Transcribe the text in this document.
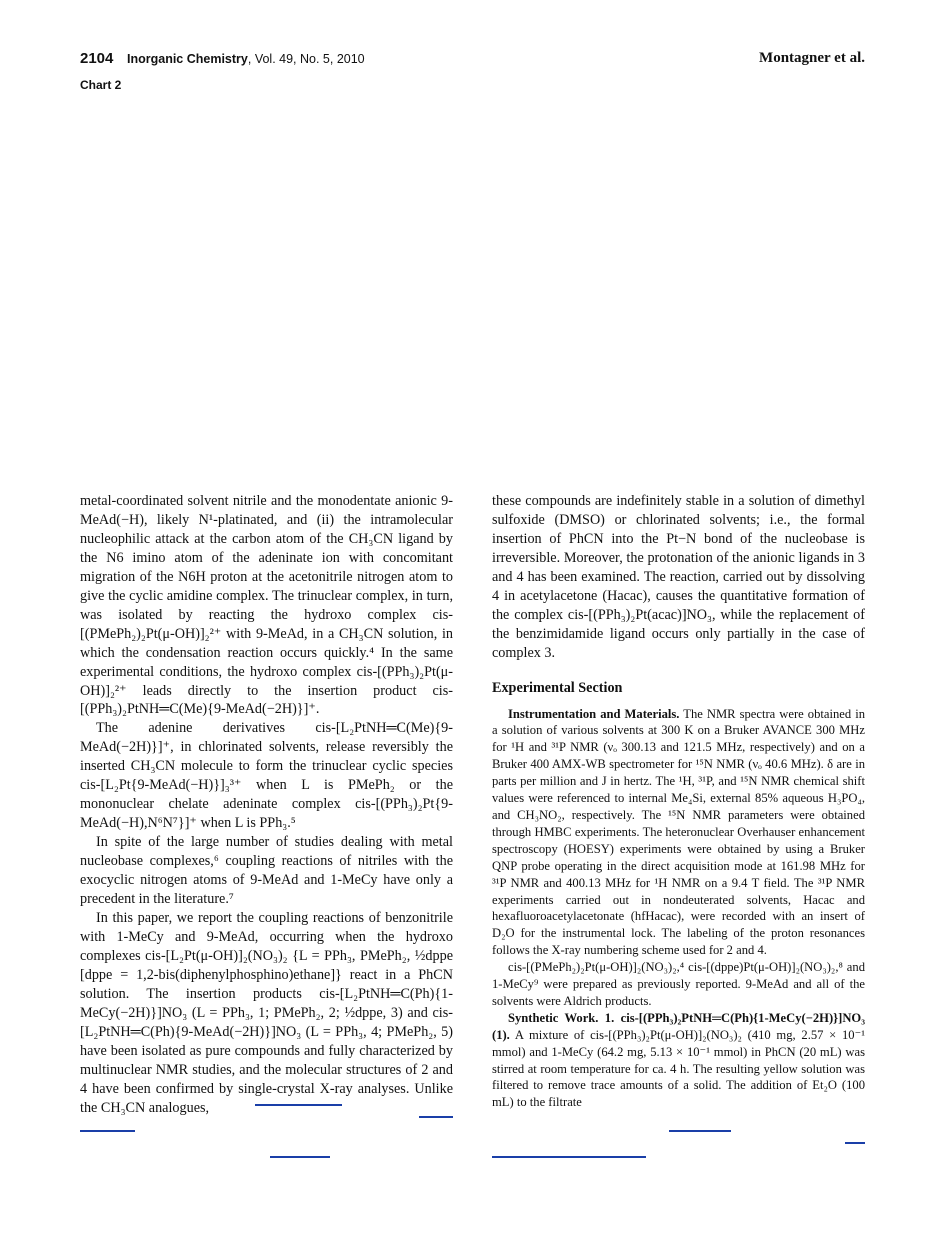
2104 Inorganic Chemistry, Vol. 49, No. 5, 2010	Montagner et al.
Chart 2

metal-coordinated solvent nitrile and the monodentate anionic 9-MeAd(−H), likely N¹-platinated, and (ii) the intramolecular nucleophilic attack at the carbon atom of the CH₃CN ligand by the N6 imino atom of the adeninate ion with concomitant migration of the N6H proton at the acetonitrile nitrogen atom to give the cyclic amidine complex. The trinuclear complex, in turn, was isolated by reacting the hydroxo complex cis-[(PMePh₂)₂Pt(μ-OH)]₂²⁺ with 9-MeAd, in a CH₃CN solution, in which the condensation reaction occurs quickly.⁴ In the same experimental conditions, the hydroxo complex cis-[(PPh₃)₂Pt(μ-OH)]₂²⁺ leads directly to the insertion product cis-[(PPh₃)₂PtNH═C(Me){9-MeAd(−2H)}]⁺.

The adenine derivatives cis-[L₂PtNH═C(Me){9-MeAd(−2H)}]⁺, in chlorinated solvents, release reversibly the inserted CH₃CN molecule to form the trinuclear cyclic species cis-[L₂Pt{9-MeAd(−H)}]₃³⁺ when L is PMePh₂ or the mononuclear chelate adeninate complex cis-[(PPh₃)₂Pt{9-MeAd(−H),N⁶N⁷}]⁺ when L is PPh₃.⁵

In spite of the large number of studies dealing with metal nucleobase complexes,⁶ coupling reactions of nitriles with the exocyclic nitrogen atoms of 9-MeAd and 1-MeCy have only a precedent in the literature.⁷

In this paper, we report the coupling reactions of benzonitrile with 1-MeCy and 9-MeAd, occurring when the hydroxo complexes cis-[L₂Pt(μ-OH)]₂(NO₃)₂ {L = PPh₃, PMePh₂, ½dppe [dppe = 1,2-bis(diphenylphosphino)ethane]} react in a PhCN solution. The insertion products cis-[L₂PtNH═C(Ph){1-MeCy(−2H)}]NO₃ (L = PPh₃, 1; PMePh₂, 2; ½dppe, 3) and cis-[L₂PtNH═C(Ph){9-MeAd(−2H)}]NO₃ (L = PPh₃, 4; PMePh₂, 5) have been isolated as pure compounds and fully characterized by multinuclear NMR studies, and the molecular structures of 2 and 4 have been confirmed by single-crystal X-ray analyses. Unlike the CH₃CN analogues,

these compounds are indefinitely stable in a solution of dimethyl sulfoxide (DMSO) or chlorinated solvents; i.e., the formal insertion of PhCN into the Pt−N bond of the nucleobase is irreversible. Moreover, the protonation of the anionic ligands in 3 and 4 has been examined. The reaction, carried out by dissolving 4 in acetylacetone (Hacac), causes the quantitative formation of the complex cis-[(PPh₃)₂Pt(acac)]NO₃, while the replacement of the benzimidamide ligand occurs only partially in the case of complex 3.

Experimental Section

Instrumentation and Materials. The NMR spectra were obtained in a solution of various solvents at 300 K on a Bruker AVANCE 300 MHz for ¹H and ³¹P NMR (νₒ 300.13 and 121.5 MHz, respectively) and on a Bruker 400 AMX-WB spectrometer for ¹⁵N NMR (νₒ 40.6 MHz). δ are in parts per million and J in hertz. The ¹H, ³¹P, and ¹⁵N NMR chemical shift values were referenced to internal Me₄Si, external 85% aqueous H₃PO₄, and CH₃NO₂, respectively. The ¹⁵N NMR parameters were obtained through HMBC experiments. The heteronuclear Overhauser enhancement spectroscopy (HOESY) experiments were obtained by using a Bruker QNP probe operating in the direct acquisition mode at 161.98 MHz for ³¹P NMR and 400.13 MHz for ¹H NMR on a 9.4 T field. The ³¹P NMR experiments carried out in nondeuterated solvents, Hacac and hexafluoroacetylacetonate (hfHacac), were recorded with an insert of D₂O for the instrumental lock. The labeling of the proton resonances follows the X-ray numbering scheme used for 2 and 4.

cis-[(PMePh₂)₂Pt(μ-OH)]₂(NO₃)₂,⁴ cis-[(dppe)Pt(μ-OH)]₂(NO₃)₂,⁸ and 1-MeCy⁹ were prepared as previously reported. 9-MeAd and all of the solvents were Aldrich products.

Synthetic Work. 1. cis-[(PPh₃)₂PtNH═C(Ph){1-MeCy(−2H)}]NO₃ (1). A mixture of cis-[(PPh₃)₂Pt(μ-OH)]₂(NO₃)₂ (410 mg, 2.57 × 10⁻¹ mmol) and 1-MeCy (64.2 mg, 5.13 × 10⁻¹ mmol) in PhCN (20 mL) was stirred at room temperature for ca. 4 h. The resulting yellow solution was filtered to remove trace amounts of a solid. The addition of Et₂O (100 mL) to the filtrate
